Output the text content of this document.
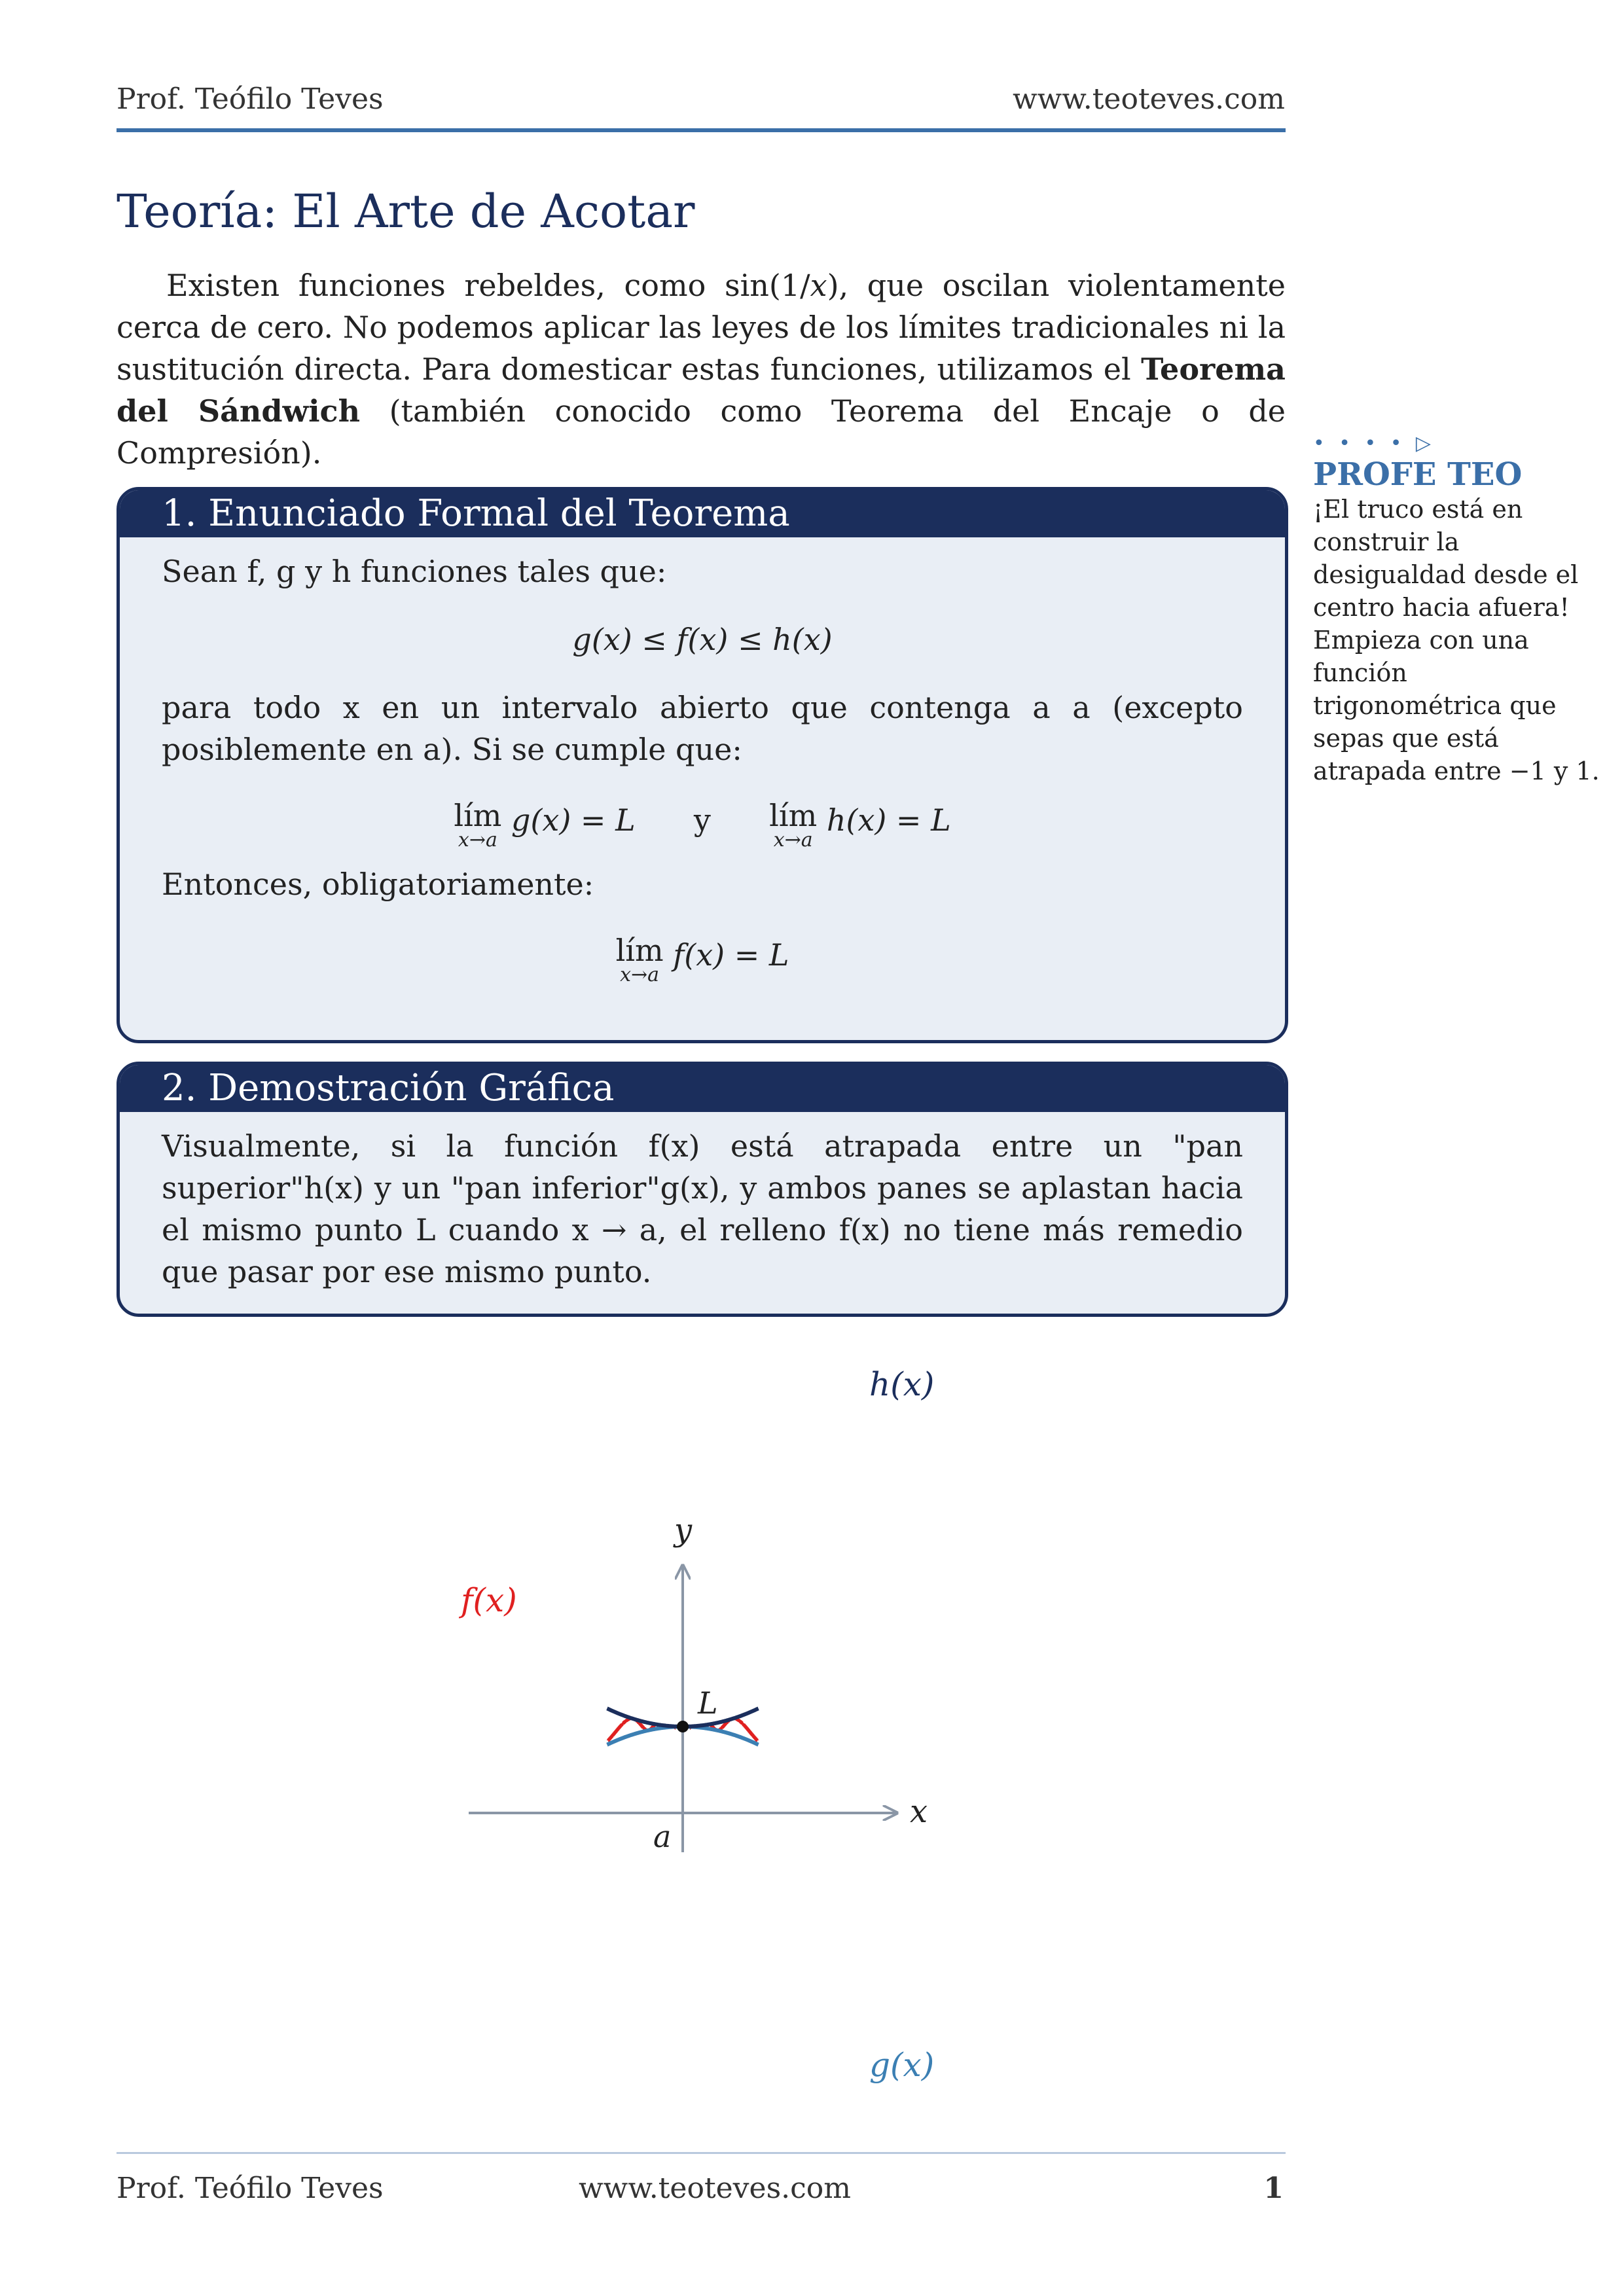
Prof. Teófilo Teves	www.teoteves.com
Teoría: El Arte de Acotar

Existen funciones rebeldes, como sin(1/x), que oscilan violentamente cerca de cero. No podemos aplicar las leyes de los límites tradicionales ni la sustitución directa. Para domesticar estas funciones, utilizamos el Teorema del Sándwich (también conocido como Teorema del Encaje o de Compresión).	• • • • ▷
PROFE TEO
¡El truco está en construir la desigualdad desde el centro hacia afuera! Empieza con una función trigonométrica que sepas que está atrapada entre −1 y 1.
1. Enunciado Formal del Teorema

Sean f, g y h funciones tales que:

g(x) ≤ f(x) ≤ h(x)

para todo x en un intervalo abierto que contenga a a (excepto posiblemente en a). Si se cumple que:

lím
x→a
g(x) = L y lím
x→a
h(x) = L

Entonces, obligatoriamente:

lím
x→a
f(x) = L

2. Demostración Gráfica

Visualmente, si la función f(x) está atrapada entre un "pan superior"h(x) y un "pan inferior"g(x), y ambos panes se aplastan hacia el mismo punto L cuando x → a, el relleno f(x) no tiene más remedio que pasar por ese mismo punto.

h(x)
g(x)
f(x)
y
x
L
a
Prof. Teófilo Teves	www.teoteves.com	1
